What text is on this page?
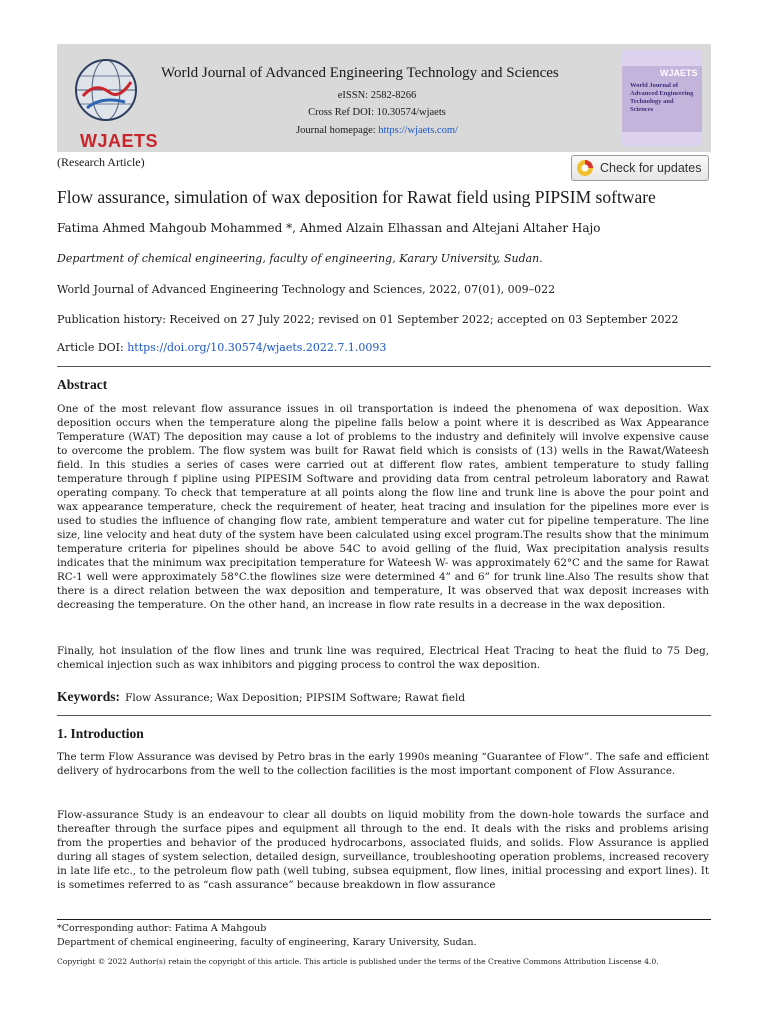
WJAETS
World Journal of Advanced Engineering Technology and Sciences
eISSN: 2582-8266
Cross Ref DOI: 10.30574/wjaets
Journal homepage: https://wjaets.com/
WJAETS
World Journal of Advanced Engineering Technology and Sciences
(Research Article)	Check for updates
Flow assurance, simulation of wax deposition for Rawat field using PIPSIM software
Fatima Ahmed Mahgoub Mohammed *, Ahmed Alzain Elhassan and Altejani Altaher Hajo
Department of chemical engineering, faculty of engineering, Karary University, Sudan.
World Journal of Advanced Engineering Technology and Sciences, 2022, 07(01), 009–022
Publication history: Received on 27 July 2022; revised on 01 September 2022; accepted on 03 September 2022
Article DOI: https://doi.org/10.30574/wjaets.2022.7.1.0093
Abstract

One of the most relevant flow assurance issues in oil transportation is indeed the phenomena of wax deposition. Wax deposition occurs when the temperature along the pipeline falls below a point where it is described as Wax Appearance Temperature (WAT) The deposition may cause a lot of problems to the industry and definitely will involve expensive cause to overcome the problem. The flow system was built for Rawat field which is consists of (13) wells in the Rawat/Wateesh field. In this studies a series of cases were carried out at different flow rates, ambient temperature to study falling temperature through f pipline using PIPESIM Software and providing data from central petroleum laboratory and Rawat operating company. To check that temperature at all points along the flow line and trunk line is above the pour point and wax appearance temperature, check the requirement of heater, heat tracing and insulation for the pipelines more ever is used to studies the influence of changing flow rate, ambient temperature and water cut for pipeline temperature. The line size, line velocity and heat duty of the system have been calculated using excel program.The results show that the minimum temperature criteria for pipelines should be above 54C to avoid gelling of the fluid, Wax precipitation analysis results indicates that the minimum wax precipitation temperature for Wateesh W- was approximately 62°C and the same for Rawat RC-1 well were approximately 58°C.the flowlines size were determined 4” and 6” for trunk line.Also The results show that there is a direct relation between the wax deposition and temperature, It was observed that wax deposit increases with decreasing the temperature. On the other hand, an increase in flow rate results in a decrease in the wax deposition.

Finally, hot insulation of the flow lines and trunk line was required, Electrical Heat Tracing to heat the fluid to 75 Deg, chemical injection such as wax inhibitors and pigging process to control the wax deposition.

Keywords: Flow Assurance; Wax Deposition; PIPSIM Software; Rawat field
1. Introduction

The term Flow Assurance was devised by Petro bras in the early 1990s meaning “Guarantee of Flow”. The safe and efficient delivery of hydrocarbons from the well to the collection facilities is the most important component of Flow Assurance.

Flow-assurance Study is an endeavour to clear all doubts on liquid mobility from the down-hole towards the surface and thereafter through the surface pipes and equipment all through to the end. It deals with the risks and problems arising from the properties and behavior of the produced hydrocarbons, associated fluids, and solids. Flow Assurance is applied during all stages of system selection, detailed design, surveillance, troubleshooting operation problems, increased recovery in late life etc., to the petroleum flow path (well tubing, subsea equipment, flow lines, initial processing and export lines). It is sometimes referred to as “cash assurance” because breakdown in flow assurance

*Corresponding author: Fatima A Mahgoub
Department of chemical engineering, faculty of engineering, Karary University, Sudan.
Copyright © 2022 Author(s) retain the copyright of this article. This article is published under the terms of the Creative Commons Attribution Liscense 4.0.
